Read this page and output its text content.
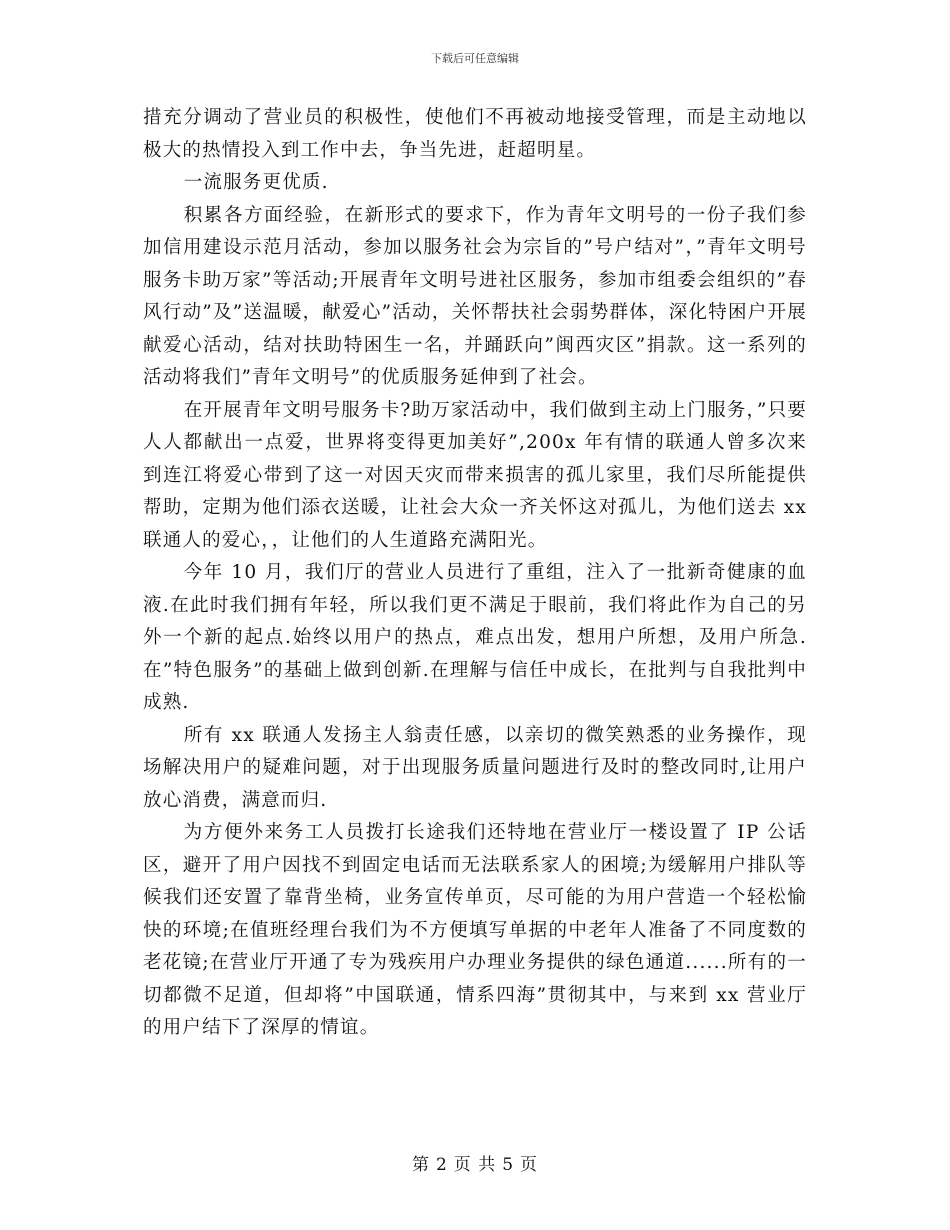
下载后可任意编辑

措充分调动了营业员的积极性，使他们不再被动地接受管理，而是主动地以极大的热情投入到工作中去，争当先进，赶超明星。

一流服务更优质.

积累各方面经验，在新形式的要求下，作为青年文明号的一份子我们参加信用建设示范月活动，参加以服务社会为宗旨的”号户结对”，”青年文明号服务卡助万家”等活动;开展青年文明号进社区服务，参加市组委会组织的”春风行动”及”送温暖，献爱心”活动，关怀帮扶社会弱势群体，深化特困户开展献爱心活动，结对扶助特困生一名，并踊跃向”闽西灾区”捐款。这一系列的活动将我们”青年文明号”的优质服务延伸到了社会。

在开展青年文明号服务卡?助万家活动中，我们做到主动上门服务，”只要人人都献出一点爱，世界将变得更加美好”,200x 年有情的联通人曾多次来到连江将爱心带到了这一对因天灾而带来损害的孤儿家里，我们尽所能提供帮助，定期为他们添衣送暖，让社会大众一齐关怀这对孤儿，为他们送去 xx 联通人的爱心，，让他们的人生道路充满阳光。

今年 10 月，我们厅的营业人员进行了重组，注入了一批新奇健康的血液.在此时我们拥有年轻，所以我们更不满足于眼前，我们将此作为自己的另外一个新的起点.始终以用户的热点，难点出发，想用户所想，及用户所急.在”特色服务”的基础上做到创新.在理解与信任中成长，在批判与自我批判中成熟.

所有 xx 联通人发扬主人翁责任感，以亲切的微笑熟悉的业务操作，现场解决用户的疑难问题，对于出现服务质量问题进行及时的整改同时,让用户放心消费，满意而归.

为方便外来务工人员拨打长途我们还特地在营业厅一楼设置了 IP 公话区，避开了用户因找不到固定电话而无法联系家人的困境;为缓解用户排队等候我们还安置了靠背坐椅，业务宣传单页，尽可能的为用户营造一个轻松愉快的环境;在值班经理台我们为不方便填写单据的中老年人准备了不同度数的老花镜;在营业厅开通了专为残疾用户办理业务提供的绿色通道......所有的一切都微不足道，但却将”中国联通，情系四海”贯彻其中，与来到 xx 营业厅的用户结下了深厚的情谊。

第 2 页 共 5 页
